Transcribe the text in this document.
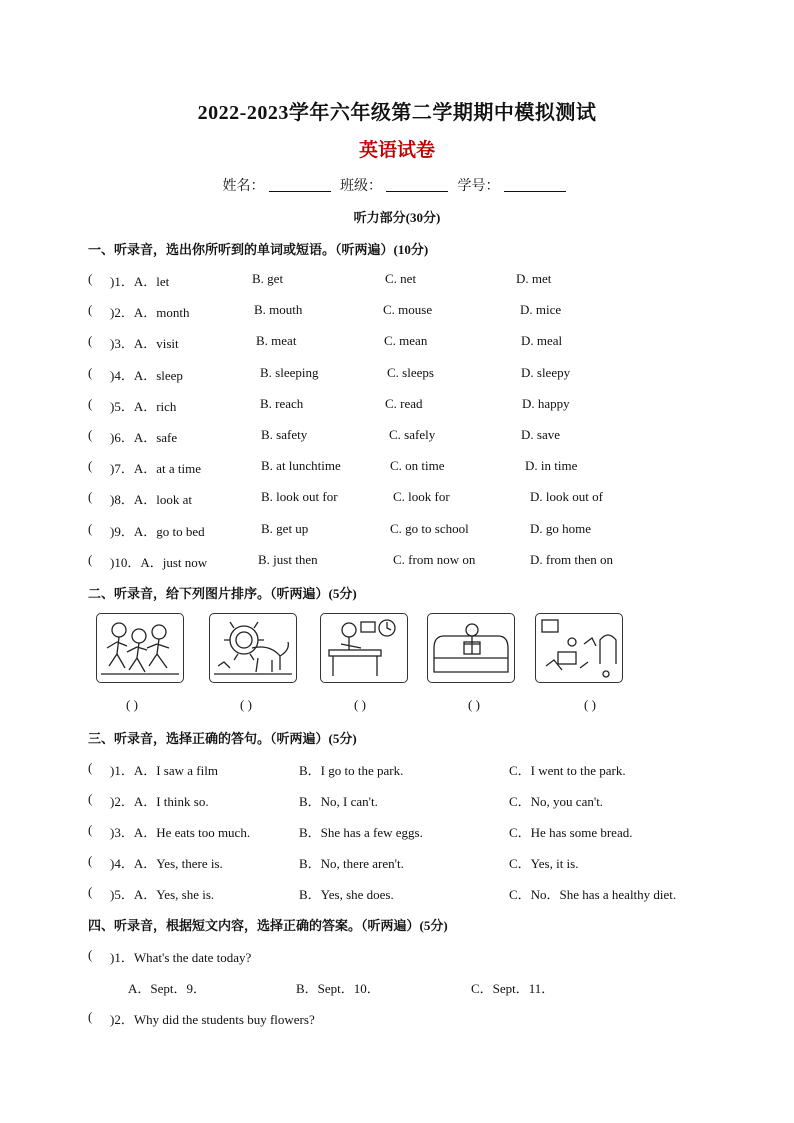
2022-2023学年六年级第二学期期中模拟测试
英语试卷
姓名：	班级：	学号：
听力部分(30分)
一、听录音，选出你所听到的单词或短语。（听两遍）(10分)
( )1．A．let	B. get	C. net	D. met
( )2．A．month	B. mouth	C. mouse	D. mice
( )3．A．visit	B. meat	C. mean	D. meal
( )4．A．sleep	B. sleeping	C. sleeps	D. sleepy
( )5．A．rich	B. reach	C. read	D. happy
( )6．A．safe	B. safety	C. safely	D. save
( )7．A．at a time	B. at lunchtime	C. on time	D. in time
( )8．A．look at	B. look out for	C. look for	D. look out of
( )9．A．go to bed	B. get up	C. go to school	D. go home
( )10．A．just now	B. just then	C. from now on	D. from then on
二、听录音，给下列图片排序。（听两遍）(5分)
( )	( )	( )	( )	( )
三、听录音，选择正确的答句。（听两遍）(5分)
( )1．A．I saw a film	B．I go to the park.	C．I went to the park.
( )2．A．I think so.	B．No, I can't.	C．No, you can't.
( )3．A．He eats too much.	B．She has a few eggs.	C．He has some bread.
( )4．A．Yes, there is.	B．No, there aren't.	C．Yes, it is.
( )5．A．Yes, she is.	B．Yes, she does.	C．No．She has a healthy diet.
四、听录音，根据短文内容，选择正确的答案。（听两遍）(5分)
( )1．What's the date today?
A．Sept．9．	B．Sept．10．	C．Sept．11．
( )2．Why did the students buy flowers?
